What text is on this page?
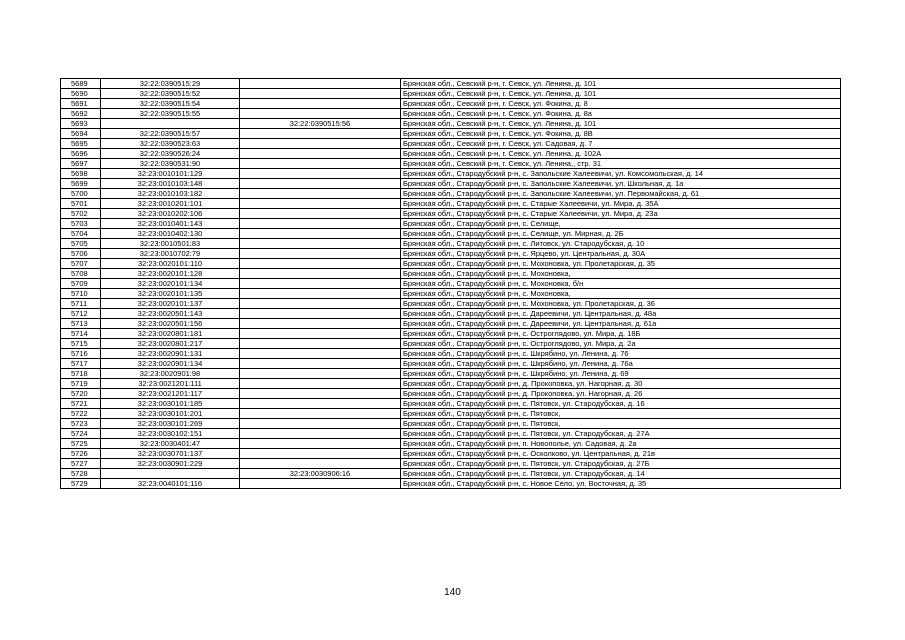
5689	32:22:0390515:29		Брянская обл., Севский р-н, г. Севск, ул. Ленина, д. 101
5690	32:22:0390515:52		Брянская обл., Севский р-н, г. Севск, ул. Ленина, д. 101
5691	32:22:0390515:54		Брянская обл., Севский р-н, г. Севск, ул. Фокина, д. 8
5692	32:22:0390515:55		Брянская обл., Севский р-н, г. Севск, ул. Фокина, д. 8а
5693		32:22:0390515:56	Брянская обл., Севский р-н, г. Севск, ул. Ленина, д. 101
5694	32:22:0390515:57		Брянская обл., Севский р-н, г. Севск, ул. Фокина, д. 8В
5695	32:22:0390523:63		Брянская обл., Севский р-н, г. Севск, ул. Садовая, д. 7
5696	32:22:0390526:24		Брянская обл., Севский р-н, г. Севск, ул. Ленина, д. 102А
5697	32:22:0390531:90		Брянская обл., Севский р-н, г. Севск, ул. Ленина,, стр. 31
5698	32:23:0010101:129		Брянская обл., Стародубский р-н, с. Запольские Халеевичи, ул. Комсомольская, д. 14
5699	32:23:0010103:148		Брянская обл., Стародубский р-н, с. Запольские Халеевичи, ул. Школьная, д. 1а
5700	32:23:0010103:182		Брянская обл., Стародубский р-н, с. Запольские Халеевичи, ул. Первомайская, д. 61
5701	32:23:0010201:101		Брянская обл., Стародубский р-н, с. Старые Халеевичи, ул. Мира, д. 35А
5702	32:23:0010202:106		Брянская обл., Стародубский р-н, с. Старые Халеевичи, ул. Мира, д. 23а
5703	32:23:0010401:143		Брянская обл., Стародубский р-н, с. Селище,
5704	32:23:0010402:130		Брянская обл., Стародубский р-н, с. Селище, ул. Мирная, д. 2Б
5705	32:23:0010501:83		Брянская обл., Стародубский р-н, с. Литовск, ул. Стародубская, д. 10
5706	32:23:0010702:79		Брянская обл., Стародубский р-н, с. Ярцево, ул. Центральная, д. 30А
5707	32:23:0020101:110		Брянская обл., Стародубский р-н, с. Мохоновка, ул. Пролетарская, д. 35
5708	32:23:0020101:128		Брянская обл., Стародубский р-н, с. Мохоновка,
5709	32:23:0020101:134		Брянская обл., Стародубский р-н, с. Мохоновка, б/н
5710	32:23:0020101:135		Брянская обл., Стародубский р-н, с. Мохоновка,
5711	32:23:0020101:137		Брянская обл., Стародубский р-н, с. Мохоновка, ул. Пролетарская, д. 36
5712	32:23:0020501:143		Брянская обл., Стародубский р-н, с. Дареевичи, ул. Центральная, д. 48а
5713	32:23:0020501:156		Брянская обл., Стародубский р-н, с. Дареевичи, ул. Центральная, д. 61а
5714	32:23:0020801:181		Брянская обл., Стародубский р-н, с. Остроглядово, ул. Мира, д. 18Б
5715	32:23:0020801:217		Брянская обл., Стародубский р-н, с. Остроглядово, ул. Мира, д. 2а
5716	32:23:0020901:131		Брянская обл., Стародубский р-н, с. Шкрябино, ул. Ленина, д. 76
5717	32:23:0020901:134		Брянская обл., Стародубский р-н, с. Шкрябино, ул. Ленина, д. 76а
5718	32:23:0020901:98		Брянская обл., Стародубский р-н, с. Шкрябино, ул. Ленина, д. 69
5719	32:23:0021201:111		Брянская обл., Стародубский р-н, д. Прокоповка, ул. Нагорная, д. 30
5720	32:23:0021201:117		Брянская обл., Стародубский р-н, д. Прокоповка, ул. Нагорная, д. 26
5721	32:23:0030101:185		Брянская обл., Стародубский р-н, с. Пятовск, ул. Стародубская, д. 16
5722	32:23:0030101:201		Брянская обл., Стародубский р-н, с. Пятовск,
5723	32:23:0030101:269		Брянская обл., Стародубский р-н, с. Пятовск,
5724	32:23:0030102:151		Брянская обл., Стародубский р-н, с. Пятовск, ул. Стародубская, д. 27А
5725	32:23:0030401:47		Брянская обл., Стародубский р-н, п. Новополье, ул. Садовая, д. 2а
5726	32:23:0030701:137		Брянская обл., Стародубский р-н, с. Осколково, ул. Центральная, д. 21в
5727	32:23:0030901:229		Брянская обл., Стародубский р-н, с. Пятовск, ул. Стародубская, д. 27Б
5728		32:23:0030906:16	Брянская обл., Стародубский р-н, с. Пятовск, ул. Стародубская, д. 14
5729	32:23:0040101:116		Брянская обл., Стародубский р-н, с. Новое Село, ул. Восточная, д. 35
140
